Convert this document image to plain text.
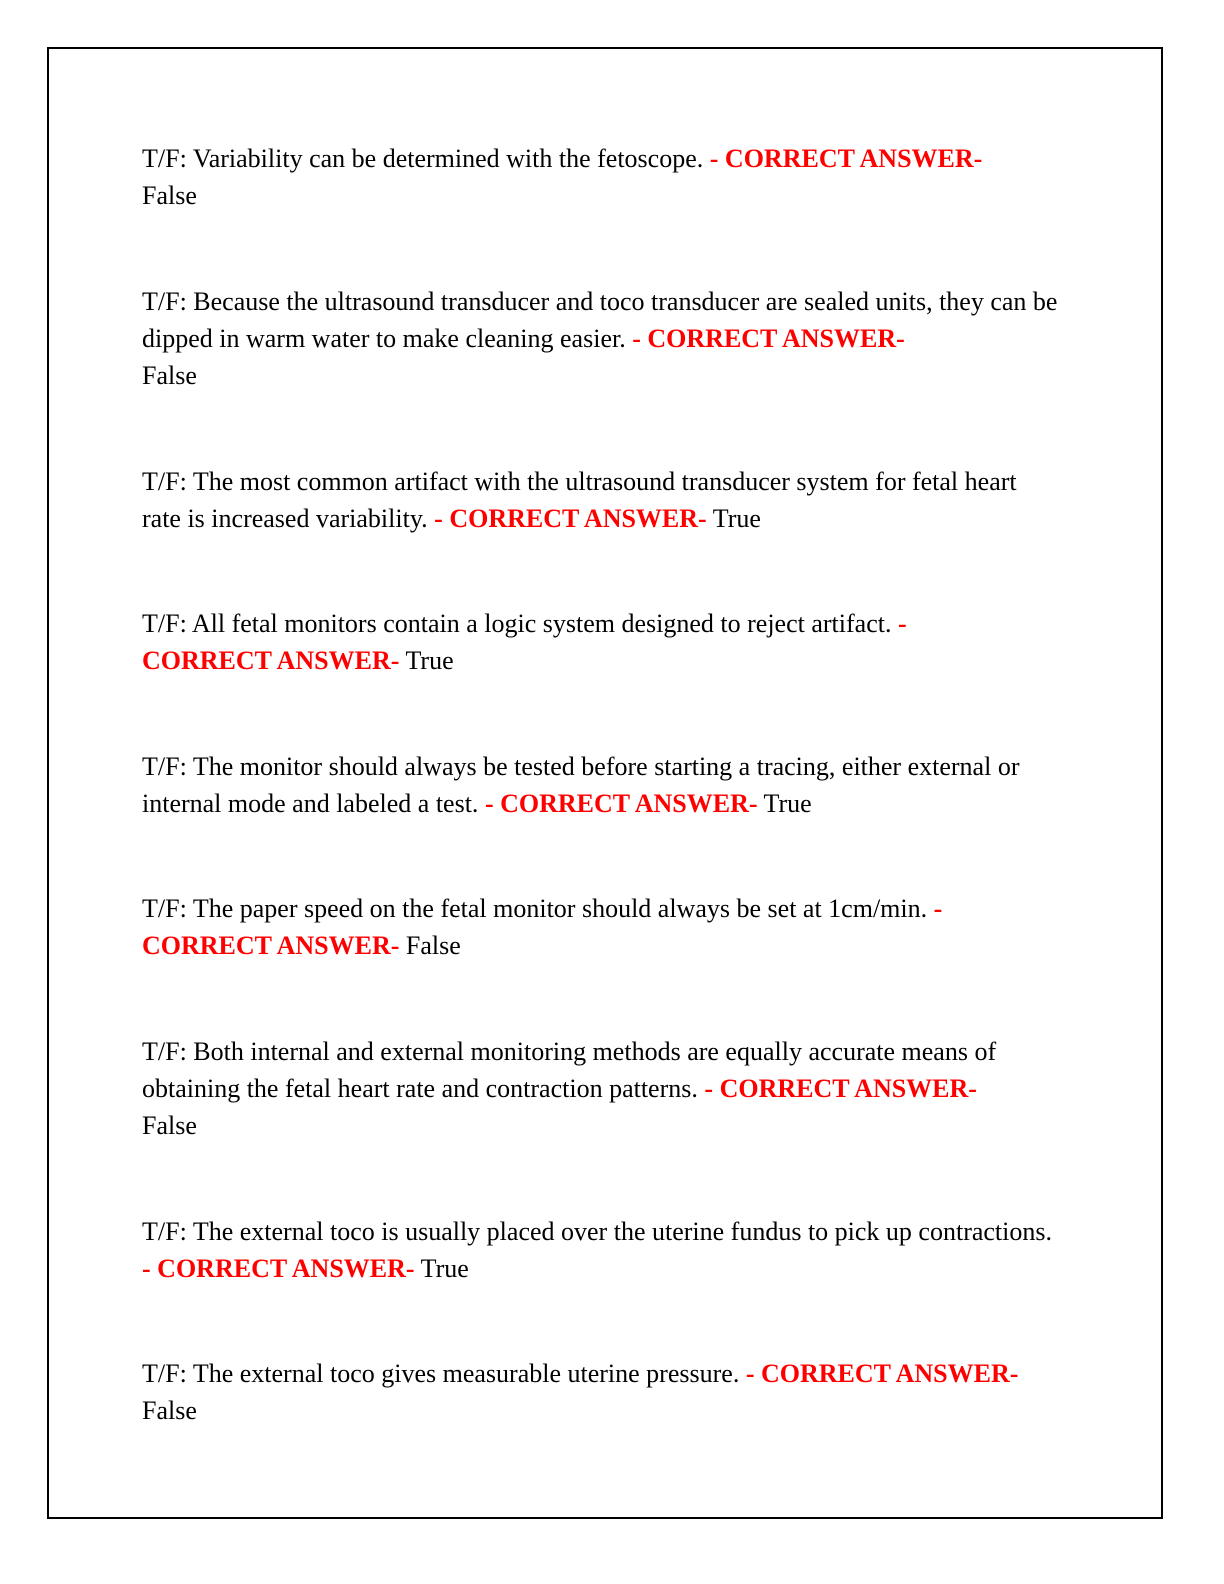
T/F: Variability can be determined with the fetoscope. - CORRECT ANSWER-
False

T/F: Because the ultrasound transducer and toco transducer are sealed units, they can be dipped in warm water to make cleaning easier. - CORRECT ANSWER-
False

T/F: The most common artifact with the ultrasound transducer system for fetal heart rate is increased variability. - CORRECT ANSWER- True

T/F: All fetal monitors contain a logic system designed to reject artifact. -
CORRECT ANSWER- True

T/F: The monitor should always be tested before starting a tracing, either external or internal mode and labeled a test. - CORRECT ANSWER- True

T/F: The paper speed on the fetal monitor should always be set at 1cm/min. -
CORRECT ANSWER- False

T/F: Both internal and external monitoring methods are equally accurate means of obtaining the fetal heart rate and contraction patterns. - CORRECT ANSWER-
False

T/F: The external toco is usually placed over the uterine fundus to pick up contractions. - CORRECT ANSWER- True

T/F: The external toco gives measurable uterine pressure. - CORRECT ANSWER- False
